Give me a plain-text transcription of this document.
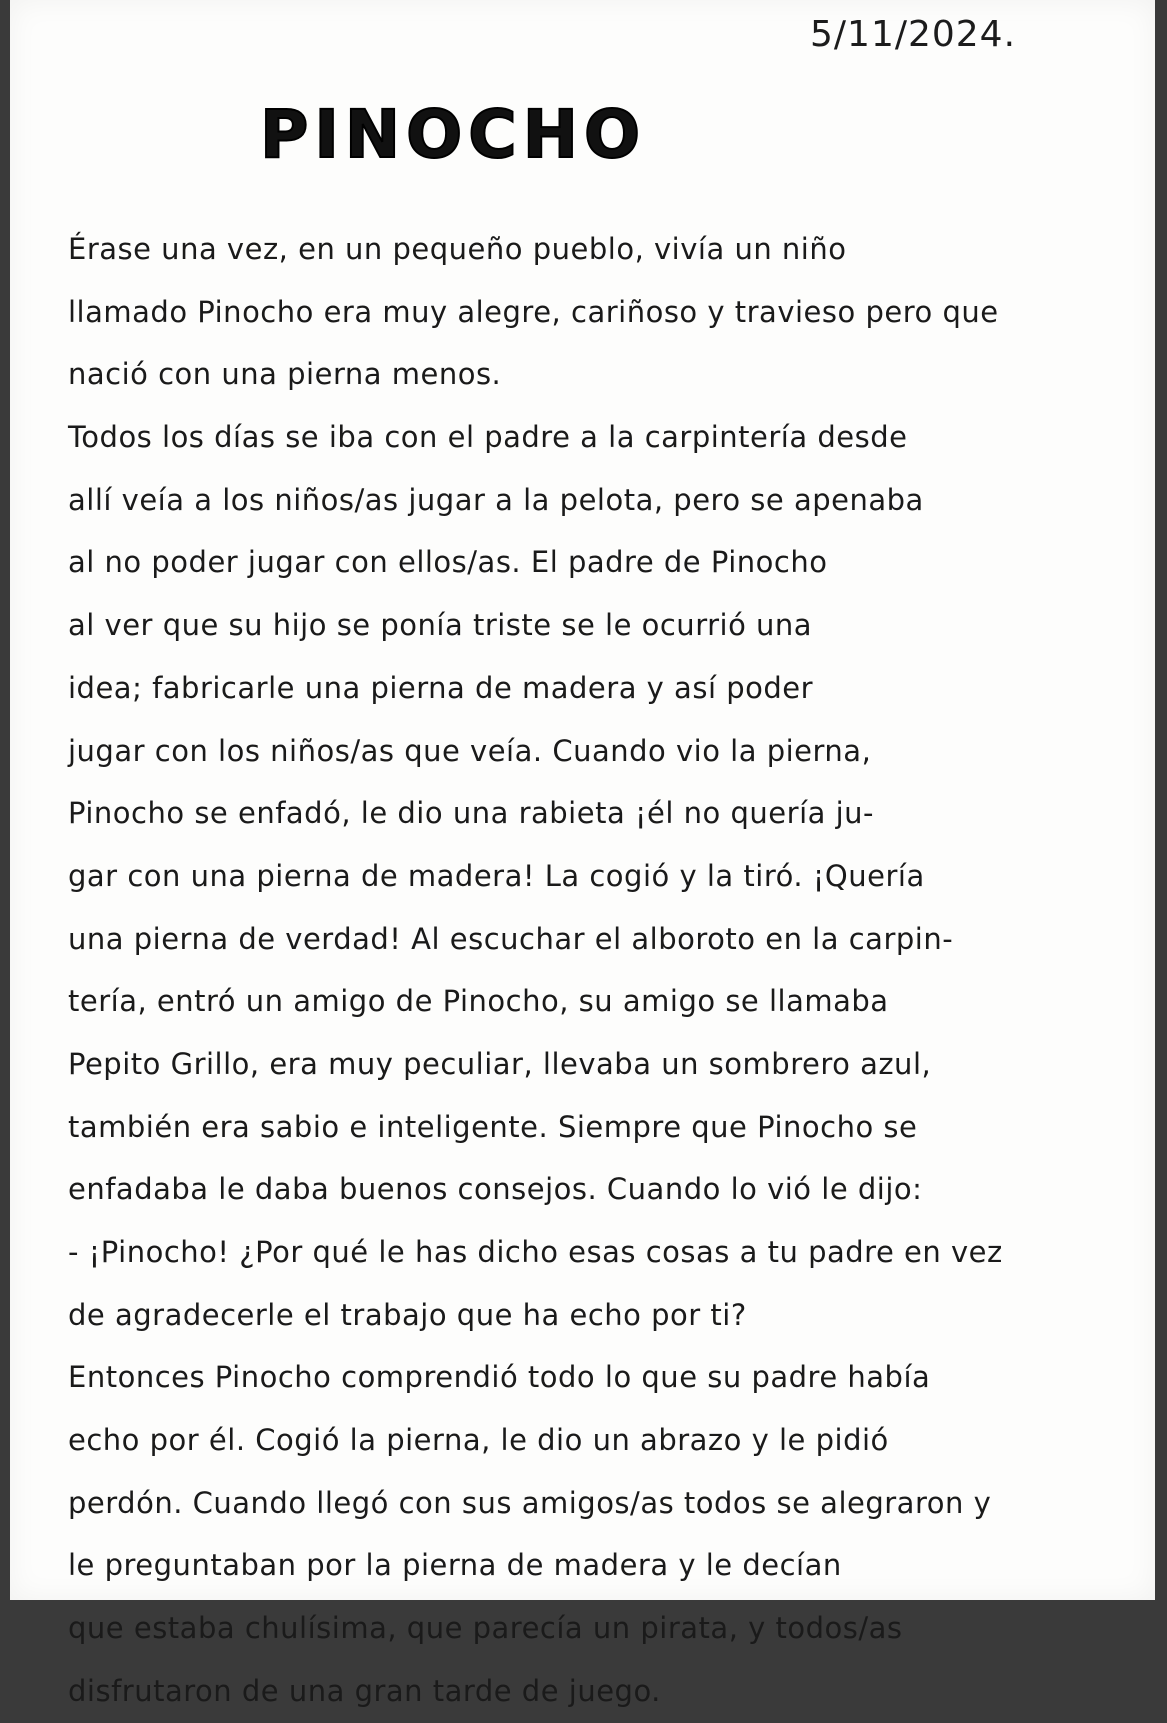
5/11/2024.
PINOCHO
Érase una vez, en un pequeño pueblo, vivía un niño
llamado Pinocho era muy alegre, cariñoso y travieso pero que
nació con una pierna menos.
Todos los días se iba con el padre a la carpintería desde
allí veía a los niños/as jugar a la pelota, pero se apenaba
al no poder jugar con ellos/as. El padre de Pinocho
al ver que su hijo se ponía triste se le ocurrió una
idea; fabricarle una pierna de madera y así poder
jugar con los niños/as que veía. Cuando vio la pierna,
Pinocho se enfadó, le dio una rabieta ¡él no quería ju-
gar con una pierna de madera! La cogió y la tiró. ¡Quería
una pierna de verdad! Al escuchar el alboroto en la carpin-
tería, entró un amigo de Pinocho, su amigo se llamaba
Pepito Grillo, era muy peculiar, llevaba un sombrero azul,
también era sabio e inteligente. Siempre que Pinocho se
enfadaba le daba buenos consejos. Cuando lo vió le dijo:
- ¡Pinocho! ¿Por qué le has dicho esas cosas a tu padre en vez
de agradecerle el trabajo que ha echo por ti?
Entonces Pinocho comprendió todo lo que su padre había
echo por él. Cogió la pierna, le dio un abrazo y le pidió
perdón. Cuando llegó con sus amigos/as todos se alegraron y
le preguntaban por la pierna de madera y le decían
que estaba chulísima, que parecía un pirata, y todos/as
disfrutaron de una gran tarde de juego.
